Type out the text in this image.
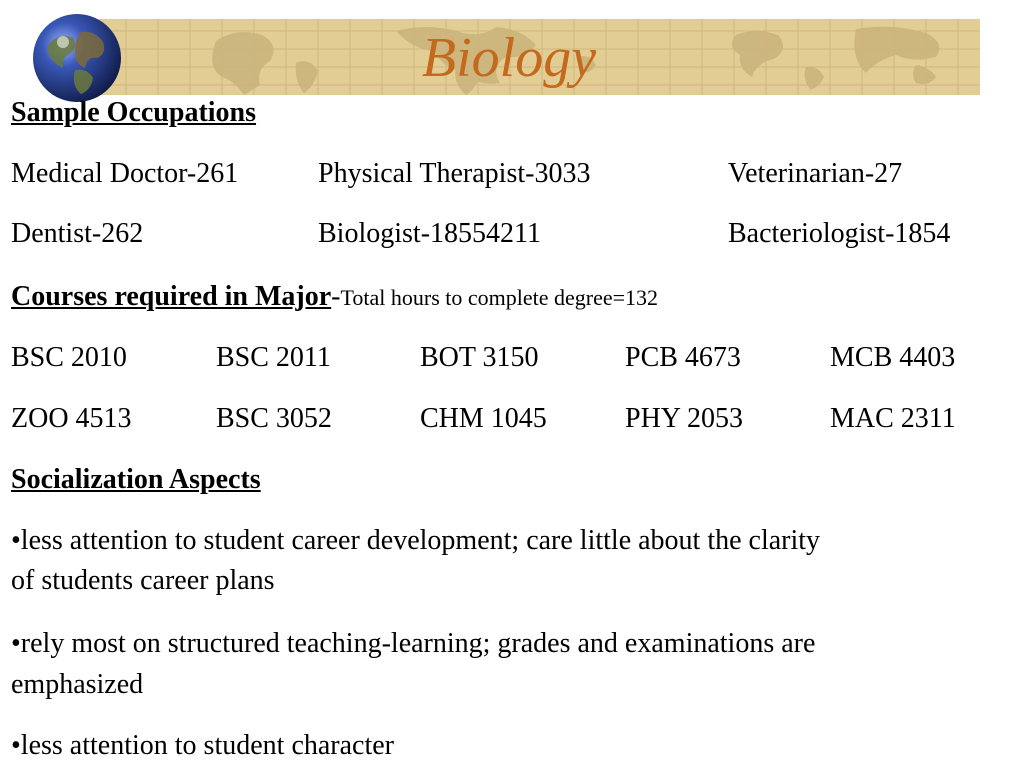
Biology
Sample Occupations
Medical Doctor-261	Physical Therapist-3033	Veterinarian-27
Dentist-262	Biologist-18554211	Bacteriologist-1854
Courses required in Major-Total hours to complete degree=132
BSC 2010	BSC 2011	BOT 3150	PCB 4673	MCB 4403
ZOO 4513	BSC 3052	CHM 1045	PHY 2053	MAC 2311
Socialization Aspects
•less attention to student career development; care little about the clarity
of students career plans
•rely most on structured teaching-learning; grades and examinations are
emphasized
•less attention to student character
